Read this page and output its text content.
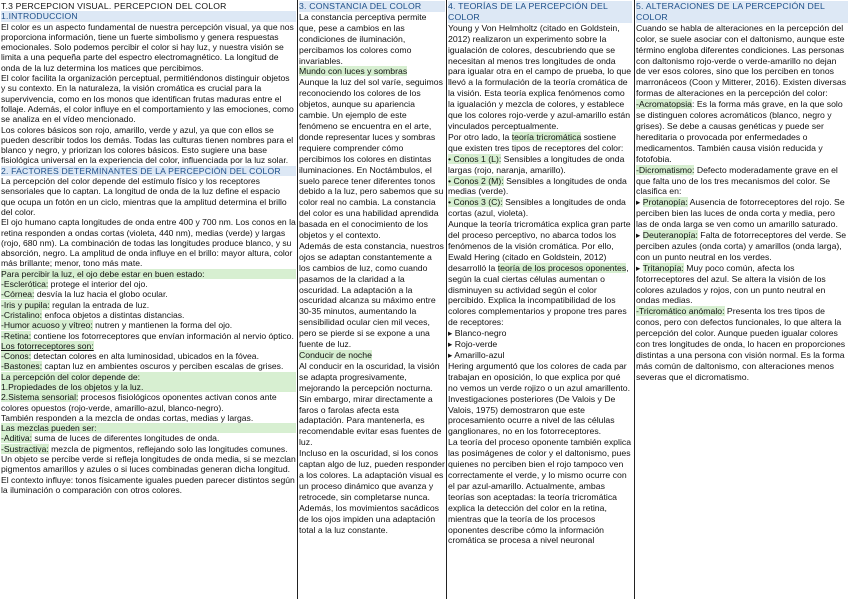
T.3 PERCEPCION VISUAL. PERCEPCION DEL COLOR
1.INTRODUCCION

El color es un aspecto fundamental de nuestra percepción visual, ya que nos proporciona información, tiene un fuerte simbolismo y genera respuestas emocionales. Solo podemos percibir el color si hay luz, y nuestra visión se limita a una pequeña parte del espectro electromagnético. La longitud de onda de la luz determina los matices que percibimos.

El color facilita la organización perceptual, permitiéndonos distinguir objetos y su contexto. En la naturaleza, la visión cromática es crucial para la supervivencia, como en los monos que identifican frutas maduras entre el follaje. Además, el color influye en el comportamiento y las emociones, como se analiza en el vídeo mencionado.

Los colores básicos son rojo, amarillo, verde y azul, ya que con ellos se pueden describir todos los demás. Todas las culturas tienen nombres para el blanco y negro, y priorizan los colores básicos. Esto sugiere una base fisiológica universal en la experiencia del color, influenciada por la luz solar.

2. FACTORES DETERMINANTES DE LA PERCEPCIÓN DEL COLOR

La percepción del color depende del estímulo físico y los receptores sensoriales que lo captan. La longitud de onda de la luz define el espacio que ocupa un fotón en un ciclo, mientras que la amplitud determina el brillo del color.

El ojo humano capta longitudes de onda entre 400 y 700 nm. Los conos en la retina responden a ondas cortas (violeta, 440 nm), medias (verde) y largas (rojo, 680 nm). La combinación de todas las longitudes produce blanco, y su absorción, negro. La amplitud de onda influye en el brillo: mayor altura, color más brillante; menor, tono más mate.

Para percibir la luz, el ojo debe estar en buen estado:

-Esclerótica: protege el interior del ojo.

-Córnea: desvía la luz hacia el globo ocular.

-Iris y pupila: regulan la entrada de luz.

-Cristalino: enfoca objetos a distintas distancias.

-Humor acuoso y vítreo: nutren y mantienen la forma del ojo.

-Retina: contiene los fotorreceptores que envían información al nervio óptico.

Los fotorreceptores son:

-Conos: detectan colores en alta luminosidad, ubicados en la fóvea.

-Bastones: captan luz en ambientes oscuros y perciben escalas de grises.

La percepción del color depende de:

1.Propiedades de los objetos y la luz.

2.Sistema sensorial: procesos fisiológicos oponentes activan conos ante colores opuestos (rojo-verde, amarillo-azul, blanco-negro).

También responden a la mezcla de ondas cortas, medias y largas.

Las mezclas pueden ser:

-Aditiva: suma de luces de diferentes longitudes de onda.

-Sustractiva: mezcla de pigmentos, reflejando solo las longitudes comunes.

Un objeto se percibe verde si refleja longitudes de onda media, si se mezclan pigmentos amarillos y azules o si luces combinadas generan dicha longitud. El contexto influye: tonos físicamente iguales pueden parecer distintos según la iluminación o comparación con otros colores.

3. CONSTANCIA DEL COLOR

La constancia perceptiva permite que, pese a cambios en las condiciones de iluminación, percibamos los colores como invariables.

Mundo con luces y sombras

Aunque la luz del sol varíe, seguimos reconociendo los colores de los objetos, aunque su apariencia cambie. Un ejemplo de este fenómeno se encuentra en el arte, donde representar luces y sombras requiere comprender cómo percibimos los colores en distintas iluminaciones. En Noctámbulos, el suelo parece tener diferentes tonos debido a la luz, pero sabemos que su color real no cambia. La constancia del color es una habilidad aprendida basada en el conocimiento de los objetos y el contexto.

Además de esta constancia, nuestros ojos se adaptan constantemente a los cambios de luz, como cuando pasamos de la claridad a la oscuridad. La adaptación a la oscuridad alcanza su máximo entre 30-35 minutos, aumentando la sensibilidad ocular cien mil veces, pero se pierde si se expone a una fuente de luz.

Conducir de noche

Al conducir en la oscuridad, la visión se adapta progresivamente, mejorando la percepción nocturna. Sin embargo, mirar directamente a faros o farolas afecta esta adaptación. Para mantenerla, es recomendable evitar esas fuentes de luz.

Incluso en la oscuridad, si los conos captan algo de luz, pueden responder a los colores. La adaptación visual es un proceso dinámico que avanza y retrocede, sin completarse nunca. Además, los movimientos sacádicos de los ojos impiden una adaptación total a la luz constante.

4. TEORÍAS DE LA PERCEPCIÓN DEL COLOR

Young y Von Helmholtz (citado en Goldstein, 2012) realizaron un experimento sobre la igualación de colores, descubriendo que se necesitan al menos tres longitudes de onda para igualar otra en el campo de prueba, lo que llevó a la formulación de la teoría cromática de la visión. Esta teoría explica fenómenos como la igualación y mezcla de colores, y establece que los colores rojo-verde y azul-amarillo están vinculados perceptualmente.

Por otro lado, la teoría tricromática sostiene que existen tres tipos de receptores del color:

• Conos 1 (L): Sensibles a longitudes de onda largas (rojo, naranja, amarillo).

• Conos 2 (M): Sensibles a longitudes de onda medias (verde).

• Conos 3 (C): Sensibles a longitudes de onda cortas (azul, violeta).

Aunque la teoría tricromática explica gran parte del proceso perceptivo, no abarca todos los fenómenos de la visión cromática. Por ello, Ewald Hering (citado en Goldstein, 2012) desarrolló la teoría de los procesos oponentes, según la cual ciertas células aumentan o disminuyen su actividad según el color percibido. Explica la incompatibilidad de los colores complementarios y propone tres pares de receptores:

▸ Blanco-negro

▸ Rojo-verde

▸ Amarillo-azul

Hering argumentó que los colores de cada par trabajan en oposición, lo que explica por qué no vemos un verde rojizo o un azul amarillento. Investigaciones posteriores (De Valois y De Valois, 1975) demostraron que este procesamiento ocurre a nivel de las células ganglionares, no en los fotorreceptores.

La teoría del proceso oponente también explica las posimágenes de color y el daltonismo, pues quienes no perciben bien el rojo tampoco ven correctamente el verde, y lo mismo ocurre con el par azul-amarillo. Actualmente, ambas teorías son aceptadas: la teoría tricromática explica la detección del color en la retina, mientras que la teoría de los procesos oponentes describe cómo la información cromática se procesa a nivel neuronal

5. ALTERACIONES DE LA PERCEPCIÓN DEL COLOR

Cuando se habla de alteraciones en la percepción del color, se suele asociar con el daltonismo, aunque este término engloba diferentes condiciones. Las personas con daltonismo rojo-verde o verde-amarillo no dejan de ver esos colores, sino que los perciben en tonos marronáceos (Coon y Mitterer, 2016). Existen diversas formas de alteraciones en la percepción del color:

-Acromatopsia: Es la forma más grave, en la que solo se distinguen colores acromáticos (blanco, negro y grises). Se debe a causas genéticas y puede ser hereditaria o provocada por enfermedades o medicamentos. También causa visión reducida y fotofobia.

-Dicromatismo: Defecto moderadamente grave en el que falta uno de los tres mecanismos del color. Se clasifica en:

▸ Protanopía: Ausencia de fotorreceptores del rojo. Se perciben bien las luces de onda corta y media, pero las de onda larga se ven como un amarillo saturado.

▸ Deuteranopía: Falta de fotorreceptores del verde. Se perciben azules (onda corta) y amarillos (onda larga), con un punto neutral en los verdes.

▸ Tritanopía: Muy poco común, afecta los fotorreceptores del azul. Se altera la visión de los colores azulados y rojos, con un punto neutral en ondas medias.

-Tricromático anómalo: Presenta los tres tipos de conos, pero con defectos funcionales, lo que altera la percepción del color. Aunque pueden igualar colores con tres longitudes de onda, lo hacen en proporciones distintas a una persona con visión normal. Es la forma más común de daltonismo, con alteraciones menos severas que el dicromatismo.
